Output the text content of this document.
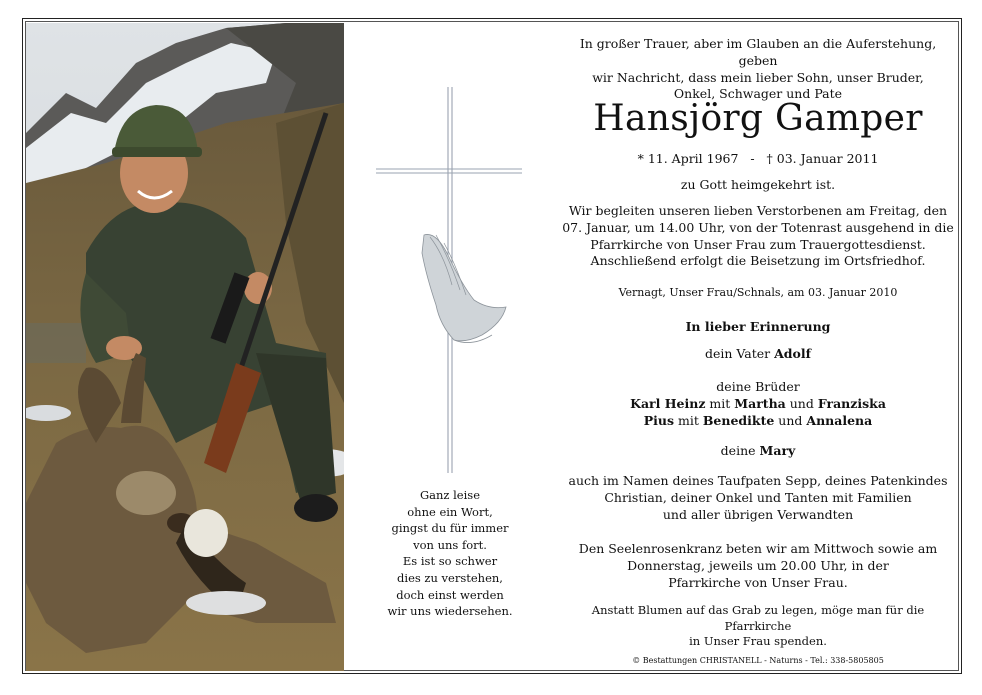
Ganz leise
ohne ein Wort,
gingst du für immer
von uns fort.
Es ist so schwer
dies zu verstehen,
doch einst werden
wir uns wiedersehen.
In großer Trauer, aber im Glauben an die Auferstehung, geben
wir Nachricht, dass mein lieber Sohn, unser Bruder,
Onkel, Schwager und Pate
Hansjörg Gamper
* 11. April 1967 - † 03. Januar 2011
zu Gott heimgekehrt ist.
Wir begleiten unseren lieben Verstorbenen am Freitag, den
07. Januar, um 14.00 Uhr, von der Totenrast ausgehend in die
Pfarrkirche von Unser Frau zum Trauergottesdienst.
Anschließend erfolgt die Beisetzung im Ortsfriedhof.
Vernagt, Unser Frau/Schnals, am 03. Januar 2010
In lieber Erinnerung
dein Vater Adolf
deine Brüder
Karl Heinz mit Martha und Franziska
Pius mit Benedikte und Annalena
deine Mary
auch im Namen deines Taufpaten Sepp, deines Patenkindes
Christian, deiner Onkel und Tanten mit Familien
und aller übrigen Verwandten
Den Seelenrosenkranz beten wir am Mittwoch sowie am
Donnerstag, jeweils um 20.00 Uhr, in der
Pfarrkirche von Unser Frau.
Anstatt Blumen auf das Grab zu legen, möge man für die Pfarrkirche
in Unser Frau spenden.
© Bestattungen CHRISTANELL - Naturns - Tel.: 338-5805805
